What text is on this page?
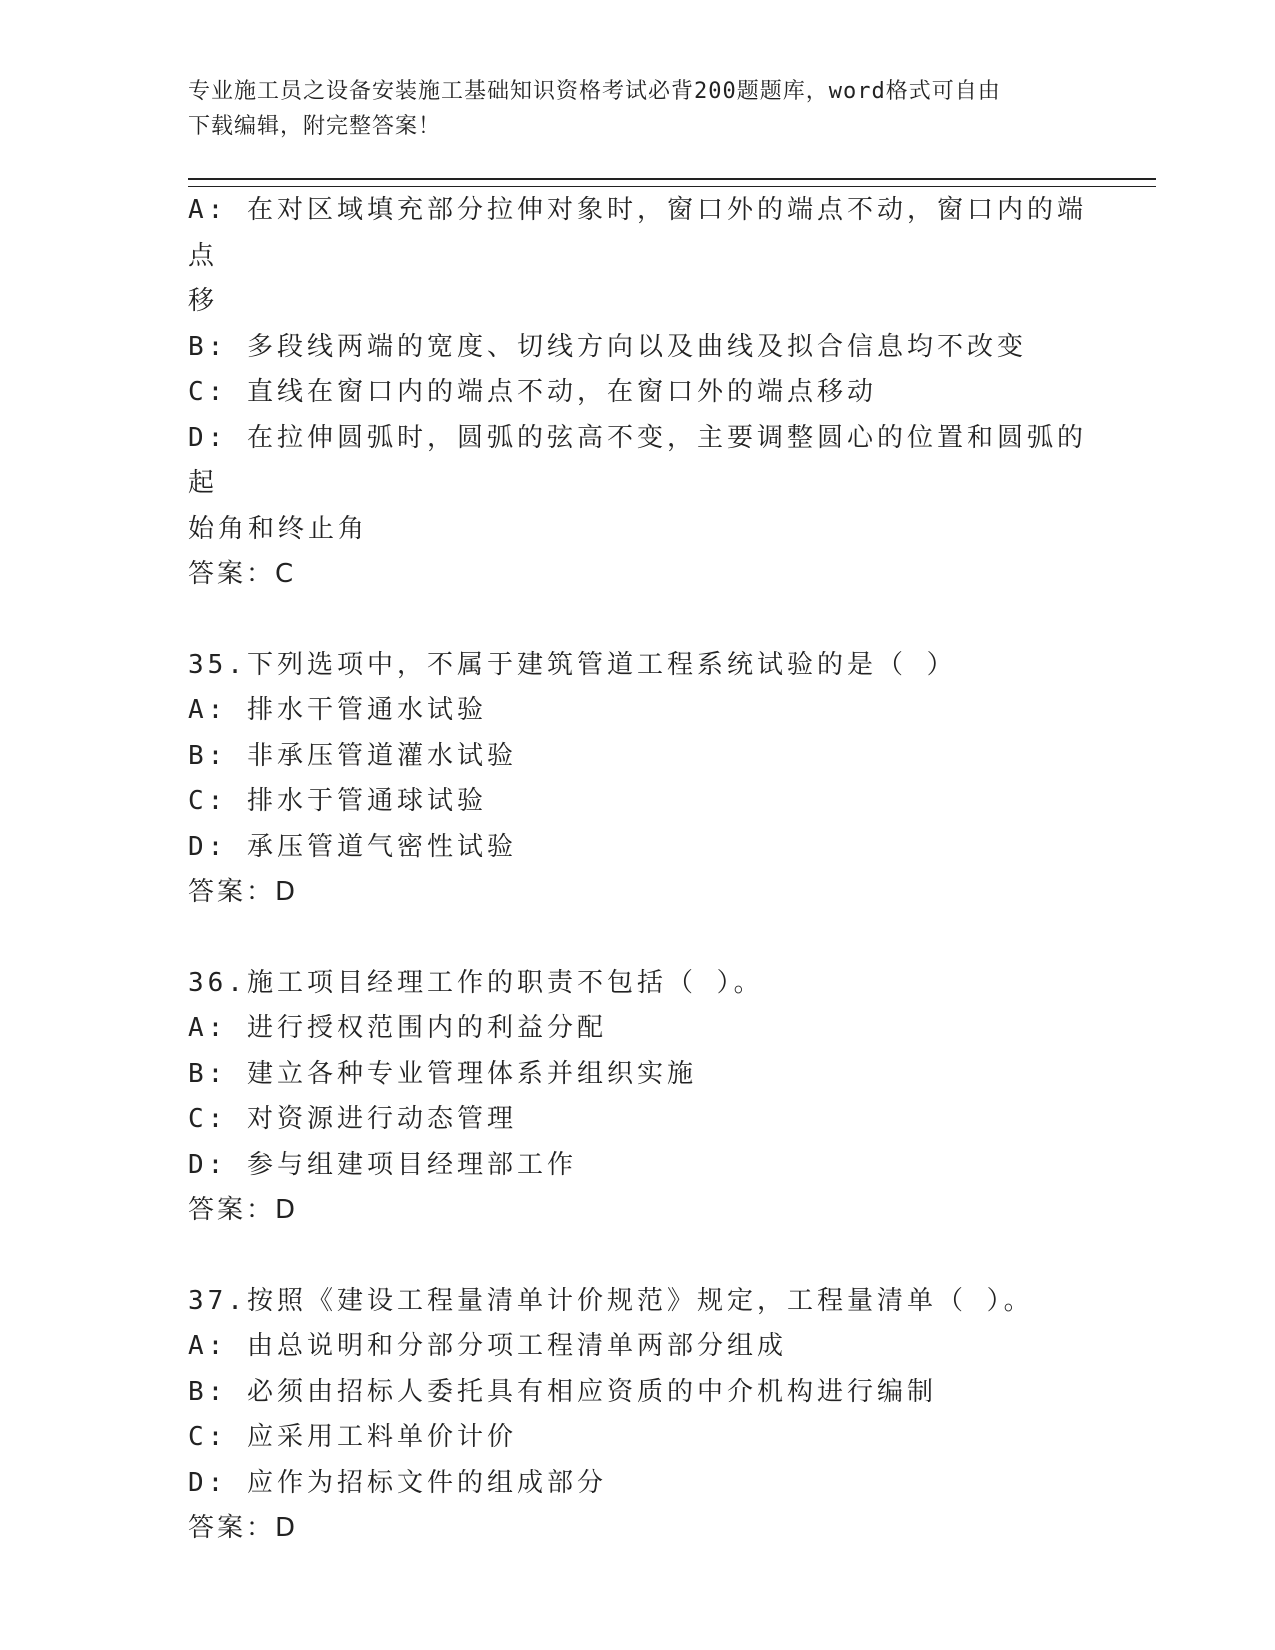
专业施工员之设备安装施工基础知识资格考试必背200题题库，word格式可自由
下载编辑，附完整答案！
A: 在对区域填充部分拉伸对象时，窗口外的端点不动，窗口内的端点
移
B: 多段线两端的宽度、切线方向以及曲线及拟合信息均不改变
C: 直线在窗口内的端点不动，在窗口外的端点移动
D: 在拉伸圆弧时，圆弧的弦高不变，主要调整圆心的位置和圆弧的起
始角和终止角
答案：C
35.下列选项中，不属于建筑管道工程系统试验的是（ ）
A: 排水干管通水试验
B: 非承压管道灌水试验
C: 排水于管通球试验
D: 承压管道气密性试验
答案：D
36.施工项目经理工作的职责不包括（ ）。
A: 进行授权范围内的利益分配
B: 建立各种专业管理体系并组织实施
C: 对资源进行动态管理
D: 参与组建项目经理部工作
答案：D
37.按照《建设工程量清单计价规范》规定，工程量清单（ ）。
A: 由总说明和分部分项工程清单两部分组成
B: 必须由招标人委托具有相应资质的中介机构进行编制
C: 应采用工料单价计价
D: 应作为招标文件的组成部分
答案：D
